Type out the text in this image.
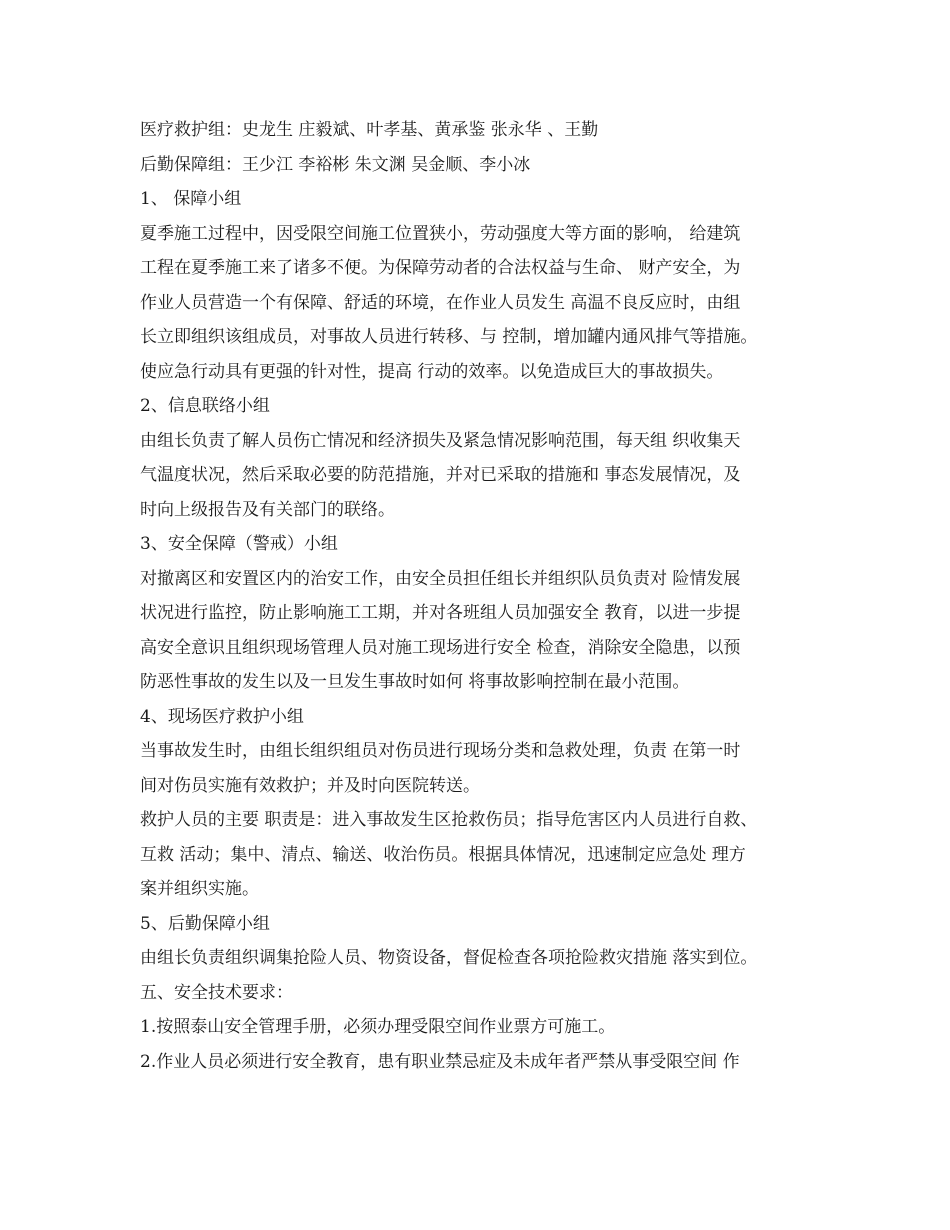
医疗救护组：史龙生 庄毅斌、叶孝基、黄承鉴 张永华 、王勤
后勤保障组：王少江 李裕彬 朱文渊 吴金顺、李小冰
1、 保障小组
夏季施工过程中，因受限空间施工位置狭小，劳动强度大等方面的影响， 给建筑
工程在夏季施工来了诸多不便。为保障劳动者的合法权益与生命、 财产安全，为
作业人员营造一个有保障、舒适的环境，在作业人员发生 高温不良反应时，由组
长立即组织该组成员，对事故人员进行转移、与 控制，增加罐内通风排气等措施。
使应急行动具有更强的针对性，提高 行动的效率。以免造成巨大的事故损失。
2、信息联络小组
由组长负责了解人员伤亡情况和经济损失及紧急情况影响范围，每天组 织收集天
气温度状况，然后采取必要的防范措施，并对已采取的措施和 事态发展情况，及
时向上级报告及有关部门的联络。
3、安全保障（警戒）小组
对撤离区和安置区内的治安工作，由安全员担任组长并组织队员负责对 险情发展
状况进行监控，防止影响施工工期，并对各班组人员加强安全 教育，以进一步提
高安全意识且组织现场管理人员对施工现场进行安全 检查，消除安全隐患，以预
防恶性事故的发生以及一旦发生事故时如何 将事故影响控制在最小范围。
4、现场医疗救护小组
当事故发生时，由组长组织组员对伤员进行现场分类和急救处理，负责 在第一时
间对伤员实施有效救护；并及时向医院转送。
救护人员的主要 职责是：进入事故发生区抢救伤员；指导危害区内人员进行自救、
互救 活动；集中、清点、输送、收治伤员。根据具体情况，迅速制定应急处 理方
案并组织实施。
5、后勤保障小组
由组长负责组织调集抢险人员、物资设备，督促检查各项抢险救灾措施 落实到位。
五、安全技术要求：
1.按照泰山安全管理手册，必须办理受限空间作业票方可施工。
2.作业人员必须进行安全教育，患有职业禁忌症及未成年者严禁从事受限空间 作
